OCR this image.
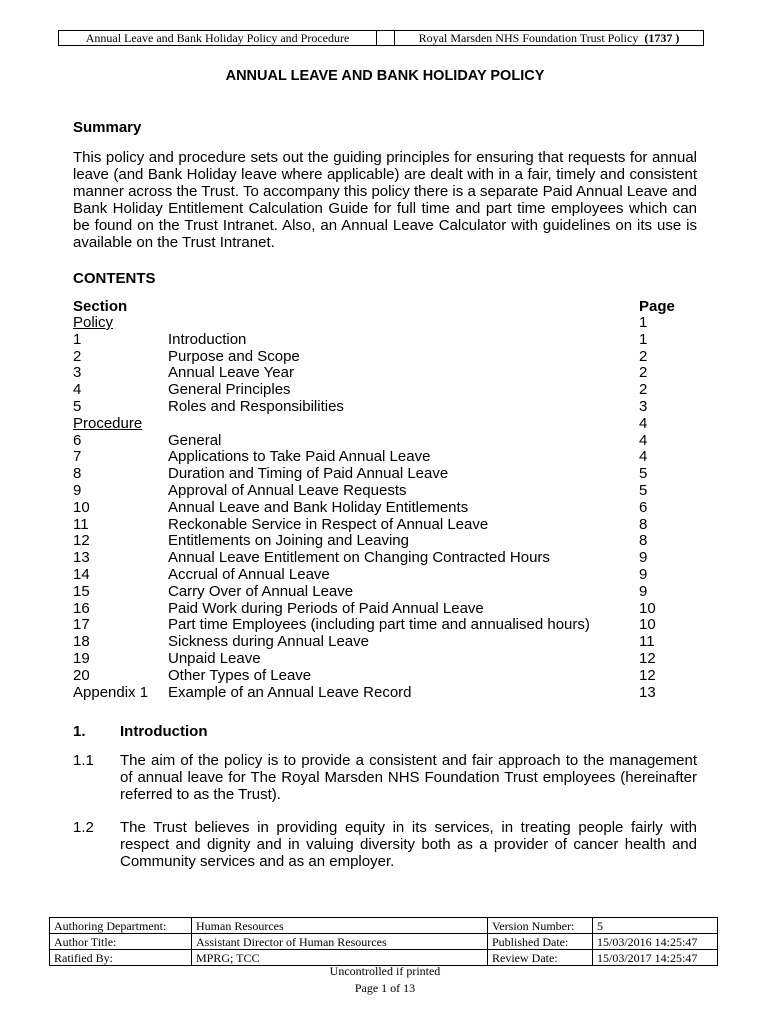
Annual Leave and Bank Holiday Policy and Procedure	Royal Marsden NHS Foundation Trust Policy
(1737 )
ANNUAL LEAVE AND BANK HOLIDAY POLICY
Summary
This policy and procedure sets out the guiding principles for ensuring that requests for annual leave (and Bank Holiday leave where applicable) are dealt with in a fair, timely and consistent manner across the Trust. To accompany this policy there is a separate Paid Annual Leave and Bank Holiday Entitlement Calculation Guide for full time and part time employees which can be found on the Trust Intranet. Also, an Annual Leave Calculator with guidelines on its use is available on the Trust Intranet.
CONTENTS
Section	Page
Policy	1
1	Introduction	1
2	Purpose and Scope	2
3	Annual Leave Year	2
4	General Principles	2
5	Roles and Responsibilities	3
Procedure	4
6	General	4
7	Applications to Take Paid Annual Leave	4
8	Duration and Timing of Paid Annual Leave	5
9	Approval of Annual Leave Requests	5
10	Annual Leave and Bank Holiday Entitlements	6
11	Reckonable Service in Respect of Annual Leave	8
12	Entitlements on Joining and Leaving	8
13	Annual Leave Entitlement on Changing Contracted Hours	9
14	Accrual of Annual Leave	9
15	Carry Over of Annual Leave	9
16	Paid Work during Periods of Paid Annual Leave	10
17	Part time Employees (including part time and annualised hours)	10
18	Sickness during Annual Leave	11
19	Unpaid Leave	12
20	Other Types of Leave	12
Appendix 1 Example of an Annual Leave Record	13
1. Introduction
1.1 The aim of the policy is to provide a consistent and fair approach to the management of annual leave for The Royal Marsden NHS Foundation Trust employees (hereinafter referred to as the Trust).
1.2 The Trust believes in providing equity in its services, in treating people fairly with respect and dignity and in valuing diversity both as a provider of cancer health and Community services and as an employer.
Authoring Department:	Human Resources	Version Number:	5
Author Title:	Assistant Director of Human Resources	Published Date:	15/03/2016 14:25:47
Ratified By:	MPRG; TCC	Review Date:	15/03/2017 14:25:47
Uncontrolled if printed
Page 1 of 13
